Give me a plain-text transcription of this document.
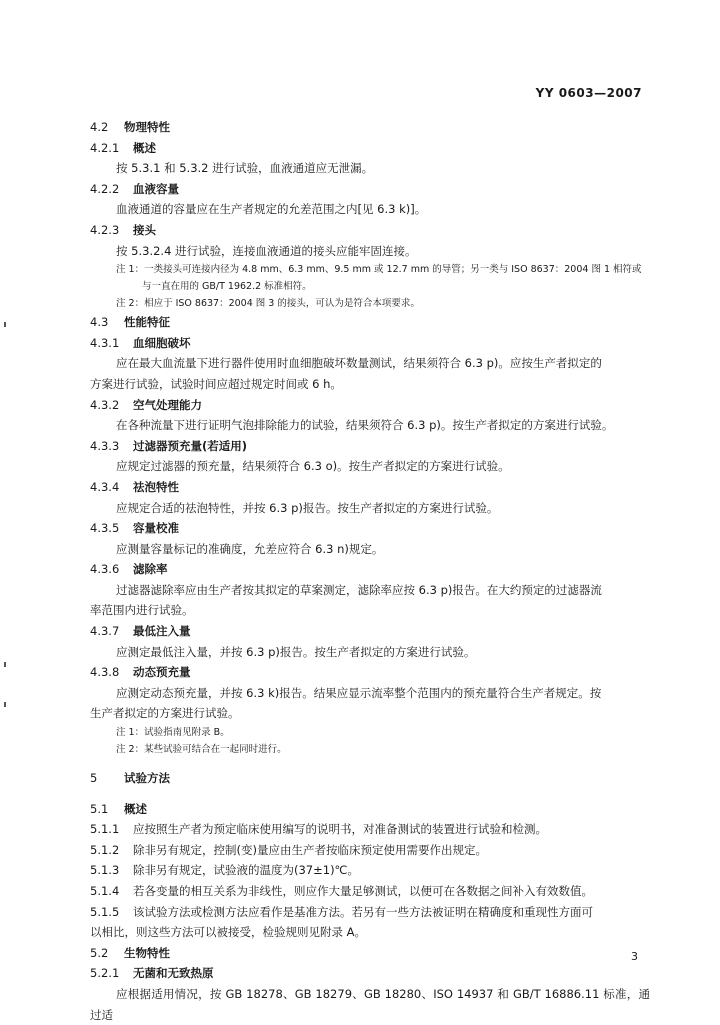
YY 0603—2007
4.2 物理特性
4.2.1 概述
按 5.3.1 和 5.3.2 进行试验，血液通道应无泄漏。
4.2.2 血液容量
血液通道的容量应在生产者规定的允差范围之内[见 6.3 k)]。
4.2.3 接头
按 5.3.2.4 进行试验，连接血液通道的接头应能牢固连接。
注 1：一类接头可连接内径为 4.8 mm、6.3 mm、9.5 mm 或 12.7 mm 的导管；另一类与 ISO 8637：2004 图 1 相符或
与一直在用的 GB/T 1962.2 标准相符。
注 2：相应于 ISO 8637：2004 图 3 的接头，可认为是符合本项要求。
4.3 性能特征
4.3.1 血细胞破坏
应在最大血流量下进行器件使用时血细胞破坏数量测试，结果须符合 6.3 p)。应按生产者拟定的
方案进行试验，试验时间应超过规定时间或 6 h。
4.3.2 空气处理能力
在各种流量下进行证明气泡排除能力的试验，结果须符合 6.3 p)。按生产者拟定的方案进行试验。
4.3.3 过滤器预充量(若适用)
应规定过滤器的预充量，结果须符合 6.3 o)。按生产者拟定的方案进行试验。
4.3.4 祛泡特性
应规定合适的祛泡特性，并按 6.3 p)报告。按生产者拟定的方案进行试验。
4.3.5 容量校准
应测量容量标记的准确度，允差应符合 6.3 n)规定。
4.3.6 滤除率
过滤器滤除率应由生产者按其拟定的草案测定，滤除率应按 6.3 p)报告。在大约预定的过滤器流
率范围内进行试验。
4.3.7 最低注入量
应测定最低注入量，并按 6.3 p)报告。按生产者拟定的方案进行试验。
4.3.8 动态预充量
应测定动态预充量，并按 6.3 k)报告。结果应显示流率整个范围内的预充量符合生产者规定。按
生产者拟定的方案进行试验。
注 1：试验指南见附录 B。
注 2：某些试验可结合在一起同时进行。
5 试验方法
5.1 概述
5.1.1 应按照生产者为预定临床使用编写的说明书，对准备测试的装置进行试验和检测。
5.1.2 除非另有规定，控制(变)量应由生产者按临床预定使用需要作出规定。
5.1.3 除非另有规定，试验液的温度为(37±1)℃。
5.1.4 若各变量的相互关系为非线性，则应作大量足够测试，以便可在各数据之间补入有效数值。
5.1.5 该试验方法或检测方法应看作是基准方法。若另有一些方法被证明在精确度和重现性方面可
以相比，则这些方法可以被接受，检验规则见附录 A。
5.2 生物特性
5.2.1 无菌和无致热原
应根据适用情况，按 GB 18278、GB 18279、GB 18280、ISO 14937 和 GB/T 16886.11 标准，通过适
3
